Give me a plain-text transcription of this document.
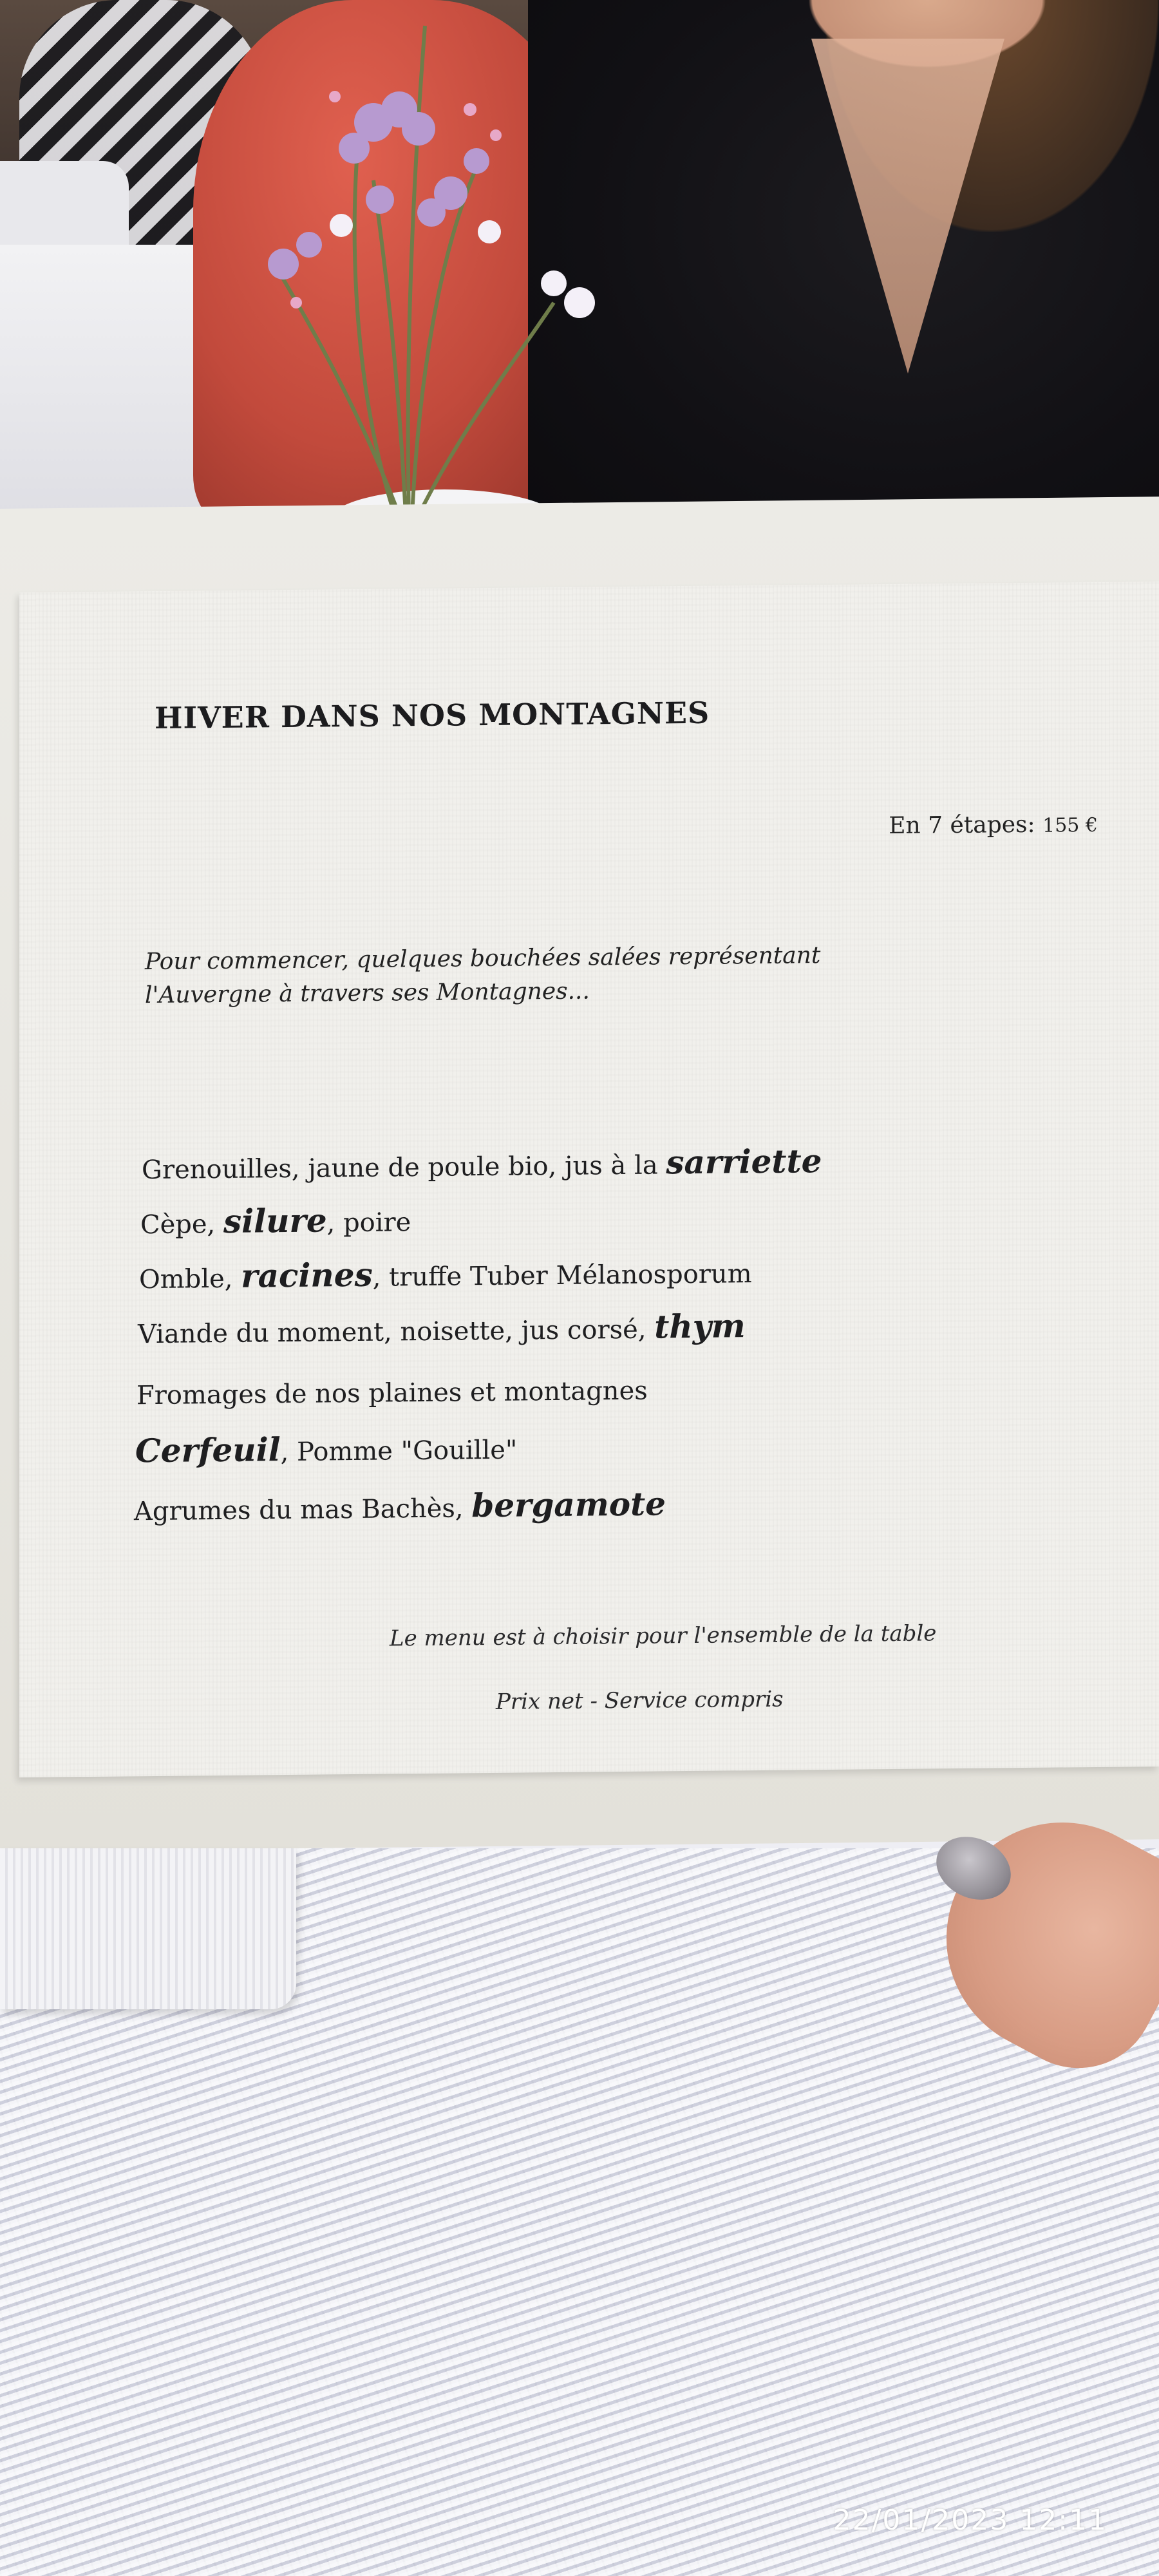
HIVER DANS NOS MONTAGNES
En 7 étapes: 155 €
Pour commencer, quelques bouchées salées représentant
l'Auvergne à travers ses Montagnes...
Grenouilles, jaune de poule bio, jus à la sarriette
Cèpe, silure, poire
Omble, racines, truffe Tuber Mélanosporum
Viande du moment, noisette, jus corsé, thym
Fromages de nos plaines et montagnes
Cerfeuil, Pomme "Gouille"
Agrumes du mas Bachès, bergamote
Le menu est à choisir pour l'ensemble de la table
Prix net - Service compris
22/01/2023 12:11
